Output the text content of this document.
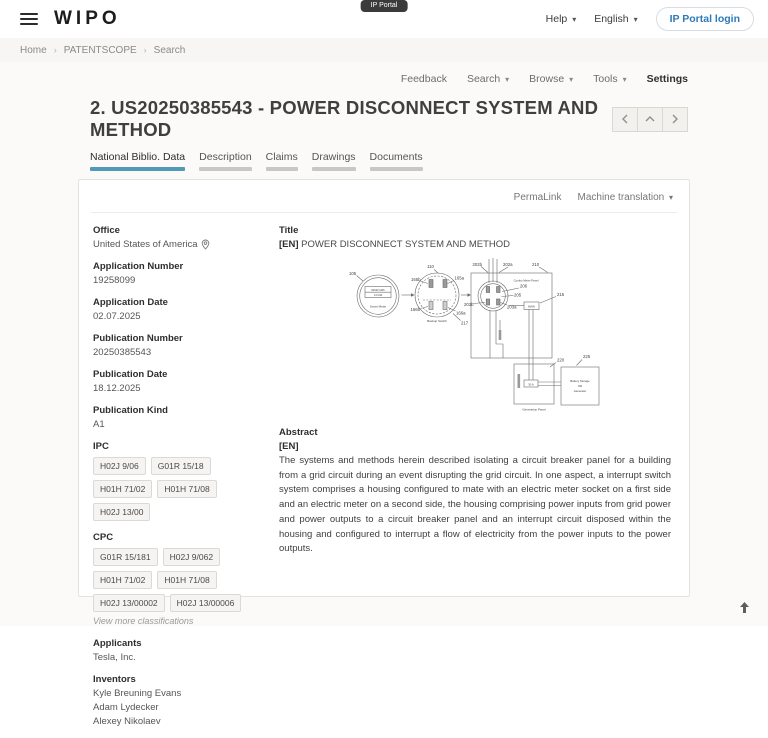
IP Portal
WIPO	Help ▾ English ▾	IP Portal login
Home › PATENTSCOPE › Search
Feedback Search ▾ Browse ▾ Tools ▾ Settings
2. US20250385543 - POWER DISCONNECT SYSTEM AND METHOD
National Biblio. Data Description Claims Drawings Documents
PermaLink Machine translation ▾
Office
United States of America
Application Number
19258099
Application Date
02.07.2025
Publication Number
20250385543
Publication Date
18.12.2025
Publication Kind
A1
IPC
H02J 9/06	G01R 15/18
H01H 71/02	H01H 71/08
H02J 13/00
CPC
G01R 15/181	H02J 9/062
H01H 71/02	H01H 71/08
H02J 13/00002	H02J 13/00006
View more classifications
Applicants
Tesla, Inc.
Inventors
Kyle Breuning Evans
Adam Lydecker
Alexey Nikolaev
Title
[EN] POWER DISCONNECT SYSTEM AND METHOD
105
110
165b	165a
166b
166a
217
202b	202a	210
206
205
203b	203a
215
220
225
02032 kWh
0.3 kW
Smart Meter
Backup Switch
Combo Meter Panel
MAIN
30 A
Generation Panel
Battery Storage
OR
Generator
Abstract
[EN]
The systems and methods herein described isolating a circuit breaker panel for a building from a grid circuit during an event disrupting the grid circuit. In one aspect, a interrupt switch system comprises a housing configured to mate with an electric meter socket on a first side and an electric meter on a second side, the housing comprising power inputs from grid power and power outputs to a circuit breaker panel and an interrupt circuit disposed within the housing and configured to interrupt a flow of electricity from the power inputs to the power outputs.
